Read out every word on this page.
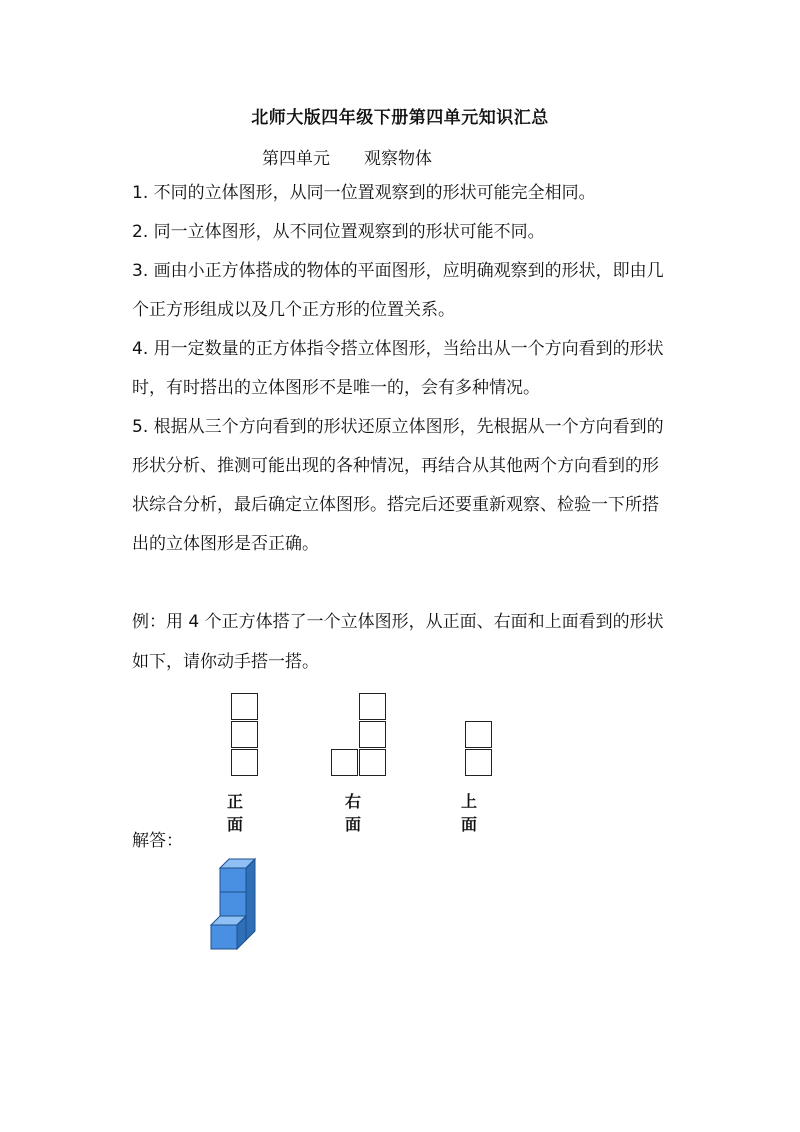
北师大版四年级下册第四单元知识汇总
第四单元 观察物体
1. 不同的立体图形，从同一位置观察到的形状可能完全相同。
2. 同一立体图形，从不同位置观察到的形状可能不同。
3. 画由小正方体搭成的物体的平面图形，应明确观察到的形状，即由几个正方形组成以及几个正方形的位置关系。
4. 用一定数量的正方体指令搭立体图形，当给出从一个方向看到的形状时，有时搭出的立体图形不是唯一的，会有多种情况。
5. 根据从三个方向看到的形状还原立体图形，先根据从一个方向看到的形状分析、推测可能出现的各种情况，再结合从其他两个方向看到的形状综合分析，最后确定立体图形。搭完后还要重新观察、检验一下所搭出的立体图形是否正确。
例：用 4 个正方体搭了一个立体图形，从正面、右面和上面看到的形状如下，请你动手搭一搭。
正面
右面
上面
解答：
